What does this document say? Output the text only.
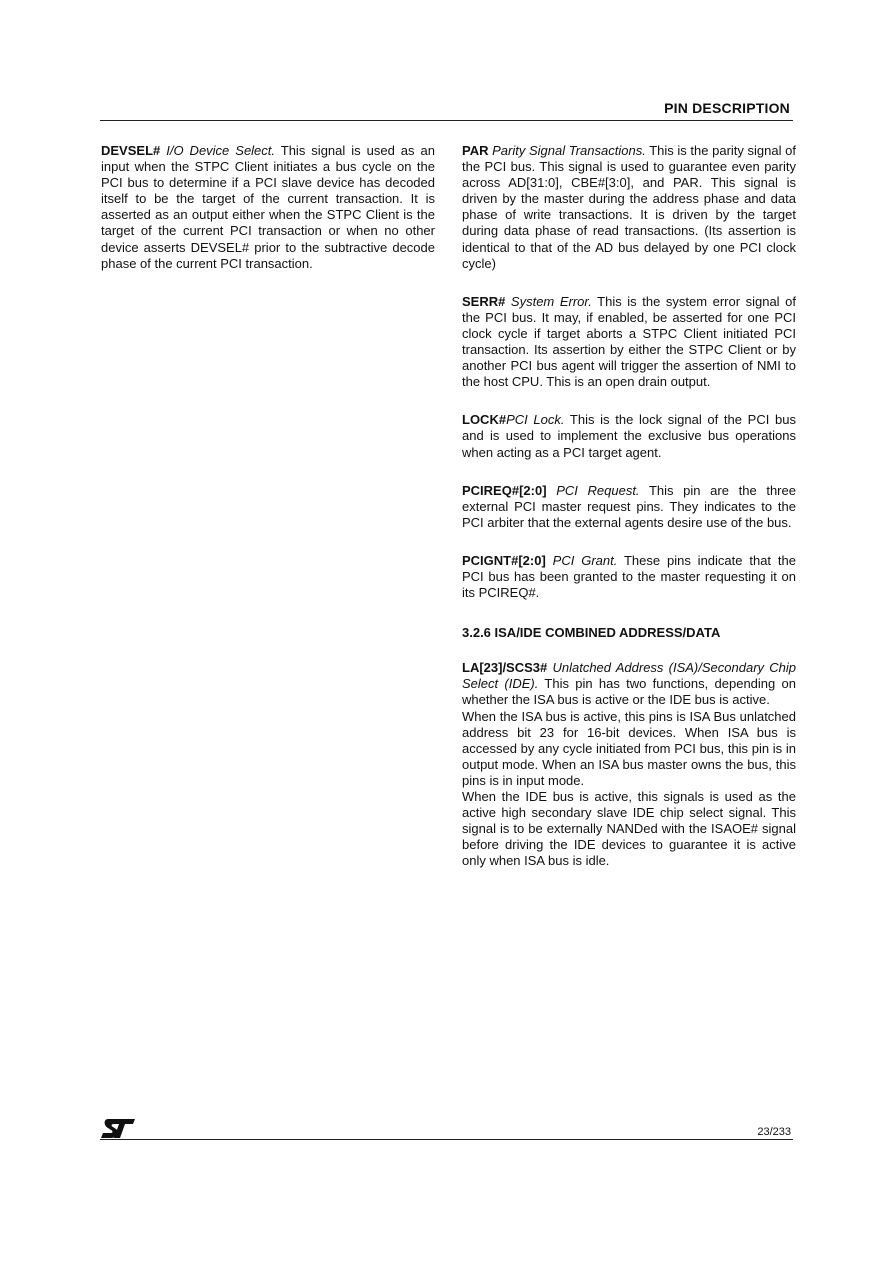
PIN DESCRIPTION

DEVSEL# I/O Device Select. This signal is used as an input when the STPC Client initiates a bus cycle on the PCI bus to determine if a PCI slave device has decoded itself to be the target of the current transaction. It is asserted as an output either when the STPC Client is the target of the current PCI transaction or when no other device asserts DEVSEL# prior to the subtractive decode phase of the current PCI transaction.

PAR Parity Signal Transactions. This is the parity signal of the PCI bus. This signal is used to guarantee even parity across AD[31:0], CBE#[3:0], and PAR. This signal is driven by the master during the address phase and data phase of write transactions. It is driven by the target during data phase of read transactions. (Its assertion is identical to that of the AD bus delayed by one PCI clock cycle)

SERR# System Error. This is the system error signal of the PCI bus. It may, if enabled, be asserted for one PCI clock cycle if target aborts a STPC Client initiated PCI transaction. Its assertion by either the STPC Client or by another PCI bus agent will trigger the assertion of NMI to the host CPU. This is an open drain output.

LOCK#PCI Lock. This is the lock signal of the PCI bus and is used to implement the exclusive bus operations when acting as a PCI target agent.

PCIREQ#[2:0] PCI Request. This pin are the three external PCI master request pins. They indicates to the PCI arbiter that the external agents desire use of the bus.

PCIGNT#[2:0] PCI Grant. These pins indicate that the PCI bus has been granted to the master requesting it on its PCIREQ#.

3.2.6 ISA/IDE COMBINED ADDRESS/DATA

LA[23]/SCS3# Unlatched Address (ISA)/Secondary Chip Select (IDE). This pin has two functions, depending on whether the ISA bus is active or the IDE bus is active.
When the ISA bus is active, this pins is ISA Bus unlatched address bit 23 for 16-bit devices. When ISA bus is accessed by any cycle initiated from PCI bus, this pin is in output mode. When an ISA bus master owns the bus, this pins is in input mode.
When the IDE bus is active, this signals is used as the active high secondary slave IDE chip select signal. This signal is to be externally NANDed with the ISAOE# signal before driving the IDE devices to guarantee it is active only when ISA bus is idle.

23/233
